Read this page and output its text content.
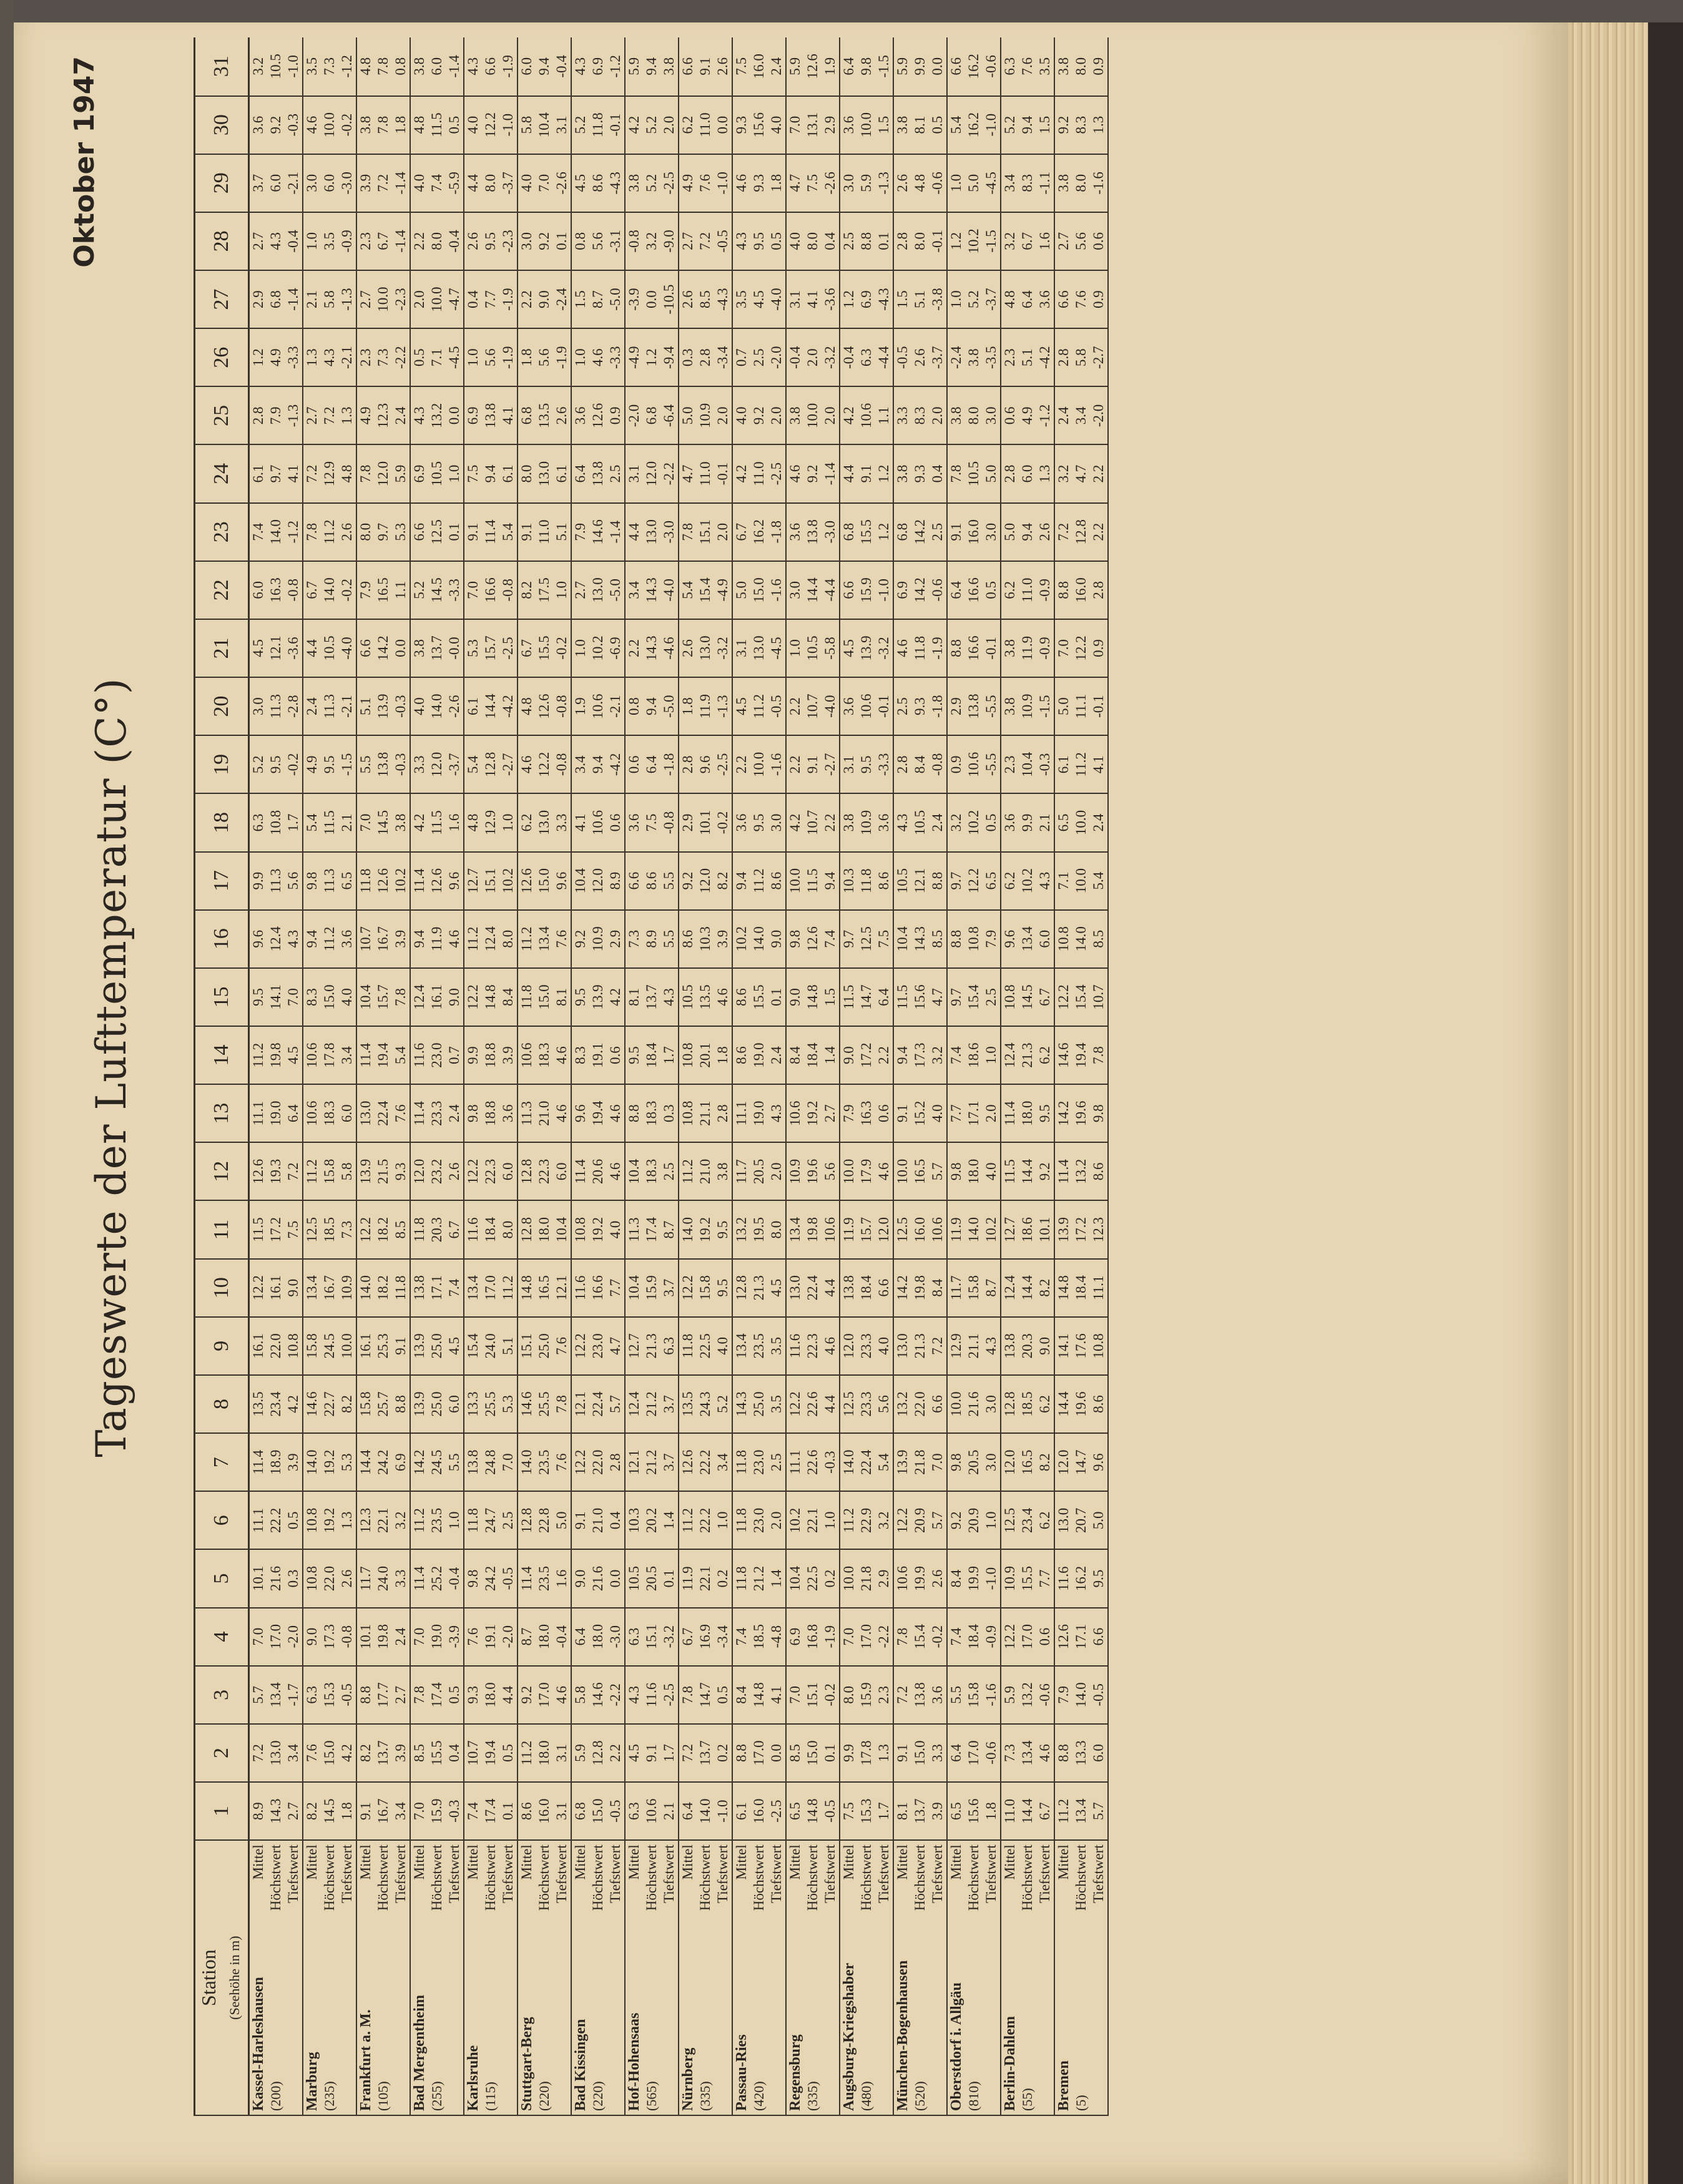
Tageswerte der Lufttemperatur (C°)
Oktober 1947
Station (Seehöhe in m)		1	2	3	4	5	6	7	8	9	10	11	12	13	14	15	16	17	18	19	20	21	22	23	24	25	26	27	28	29	30	31
Kassel-Harleshausen	Mittel	8.9	7.2	5.7	7.0	10.1	11.1	11.4	13.5	16.1	12.2	11.5	12.6	11.1	11.2	9.5	9.6	9.9	6.3	5.2	3.0	4.5	6.0	7.4	6.1	2.8	1.2	2.9	2.7	3.7	3.6	3.2
(200)	Höchstwert	14.3	13.0	13.4	17.0	21.6	22.2	18.9	23.4	22.0	16.1	17.2	19.3	19.0	19.8	14.1	12.4	11.3	10.8	9.5	11.3	12.1	16.3	14.0	9.7	7.9	4.9	6.8	4.3	6.0	9.2	10.5
	Tiefstwert	2.7	3.4	-1.7	-2.0	0.3	0.5	3.9	4.2	10.8	9.0	7.5	7.2	6.4	4.5	7.0	4.3	5.6	1.7	-0.2	-2.8	-3.6	-0.8	-1.2	4.1	-1.3	-3.3	-1.4	-0.4	-2.1	-0.3	-1.0
Marburg	Mittel	8.2	7.6	6.3	9.0	10.8	10.8	14.0	14.6	15.8	13.4	12.5	11.2	10.6	10.6	8.3	9.4	9.8	5.4	4.9	2.4	4.4	6.7	7.8	7.2	2.7	1.3	2.1	1.0	3.0	4.6	3.5
(235)	Höchstwert	14.5	15.0	15.3	17.3	22.0	19.2	19.2	22.7	24.5	16.7	18.5	15.8	18.3	17.8	15.0	11.2	11.3	11.5	9.5	11.3	10.5	14.0	11.2	12.9	7.2	4.3	5.8	3.5	6.0	10.0	7.3
	Tiefstwert	1.8	4.2	-0.5	-0.8	2.6	1.3	5.3	8.2	10.0	10.9	7.3	5.8	6.0	3.4	4.0	3.6	6.5	2.1	-1.5	-2.1	-4.0	-0.2	2.6	4.8	1.3	-2.1	-1.3	-0.9	-3.0	-0.2	-1.2
Frankfurt a. M.	Mittel	9.1	8.2	8.8	10.1	11.7	12.3	14.4	15.8	16.1	14.0	12.2	13.9	13.0	11.4	10.4	10.7	11.8	7.0	5.5	5.1	6.6	7.9	8.0	7.8	4.9	2.3	2.7	2.3	3.9	3.8	4.8
(105)	Höchstwert	16.7	13.7	17.7	19.8	24.0	22.1	24.2	25.7	25.3	18.2	18.2	21.5	22.4	19.4	15.7	16.7	12.6	14.5	13.8	13.9	14.2	16.5	9.7	12.0	12.3	7.3	10.0	6.7	7.2	7.8	7.8
	Tiefstwert	3.4	3.9	2.7	2.4	3.3	3.2	6.9	8.8	9.1	11.8	8.5	9.3	7.6	5.4	7.8	3.9	10.2	3.8	-0.3	-0.3	0.0	1.1	5.3	5.9	2.4	-2.2	-2.3	-1.4	-1.4	1.8	0.8
Bad Mergentheim	Mittel	7.0	8.5	7.8	7.0	11.4	11.2	14.2	13.9	13.9	13.8	11.8	12.0	11.4	11.6	12.4	9.4	11.4	4.2	3.3	4.0	3.8	5.2	6.6	6.9	4.3	0.5	2.0	2.2	4.0	4.8	3.8
(255)	Höchstwert	15.9	15.5	17.4	19.0	25.2	23.5	24.5	25.0	25.0	17.1	20.3	23.2	23.3	23.0	16.1	11.9	12.6	11.5	12.0	14.0	13.7	14.5	12.5	10.5	13.2	7.1	10.0	8.0	7.4	11.5	6.0
	Tiefstwert	-0.3	0.4	0.5	-3.9	-0.4	1.0	5.5	6.0	4.5	7.4	6.7	2.6	2.4	0.7	9.0	4.6	9.6	1.6	-3.7	-2.6	-0.0	-3.3	0.1	1.0	0.0	-4.5	-4.7	-0.4	-5.9	0.5	-1.4
Karlsruhe	Mittel	7.4	10.7	9.3	7.6	9.8	11.8	13.8	13.3	15.4	13.4	11.6	12.2	9.8	9.9	12.2	11.2	12.7	4.8	5.4	6.1	5.3	7.0	9.1	7.5	6.9	1.0	0.4	2.6	4.4	4.0	4.3
(115)	Höchstwert	17.4	19.4	18.0	19.1	24.2	24.7	24.8	25.5	24.0	17.0	18.4	22.3	18.8	18.8	14.8	12.4	15.1	12.9	12.8	14.4	15.7	16.6	11.4	9.4	13.8	5.6	7.7	9.5	8.0	12.2	6.6
	Tiefstwert	0.1	0.5	4.4	-2.0	-0.5	2.5	7.0	5.3	5.1	11.2	8.0	6.0	3.6	3.9	8.4	8.0	10.2	1.0	-2.7	-4.2	-2.5	-0.8	5.4	6.1	4.1	-1.9	-1.9	-2.3	-3.7	-1.0	-1.9
Stuttgart-Berg	Mittel	8.6	11.2	9.2	8.7	11.4	12.8	14.0	14.6	15.1	14.8	12.8	12.8	11.3	10.6	11.8	11.2	12.6	6.2	4.6	4.8	6.7	8.2	9.1	8.0	6.8	1.8	2.2	3.0	4.0	5.8	6.0
(220)	Höchstwert	16.0	18.0	17.0	18.0	23.5	22.8	23.5	25.5	25.0	16.5	18.0	22.3	21.0	18.3	15.0	13.4	15.0	13.0	12.2	12.6	15.5	17.5	11.0	13.0	13.5	5.6	9.0	9.2	7.0	10.4	9.4
	Tiefstwert	3.1	3.1	4.6	-0.4	1.6	5.0	7.6	7.8	7.6	12.1	10.4	6.0	4.6	4.6	8.1	7.6	9.6	3.3	-0.8	-0.8	-0.2	1.0	5.1	6.1	2.6	-1.9	-2.4	0.1	-2.6	3.1	-0.4
Bad Kissingen	Mittel	6.8	5.9	5.8	6.4	9.0	9.1	12.2	12.1	12.2	11.6	10.8	11.4	9.6	8.3	9.5	9.2	10.4	4.1	3.4	1.9	1.0	2.7	7.9	6.4	3.6	1.0	1.5	0.8	4.5	5.2	4.3
(220)	Höchstwert	15.0	12.8	14.6	18.0	21.6	21.0	22.0	22.4	23.0	16.6	19.2	20.6	19.4	19.1	13.9	10.9	12.0	10.6	9.4	10.6	10.2	13.0	14.6	13.8	12.6	4.6	8.7	5.6	8.6	11.8	6.9
	Tiefstwert	-0.5	2.2	-2.2	-3.0	0.0	0.4	2.8	5.7	4.7	7.7	4.0	4.6	4.6	0.6	4.2	2.9	8.9	0.6	-4.2	-2.1	-6.9	-5.0	-1.4	2.5	0.9	-3.3	-5.0	-3.1	-4.3	-0.1	-1.2
Hof-Hohensaas	Mittel	6.3	4.5	4.3	6.3	10.5	10.3	12.1	12.4	12.7	10.4	11.3	10.4	8.8	9.5	8.1	7.3	6.6	3.6	0.6	0.8	2.2	3.4	4.4	3.1	-2.0	-4.9	-3.9	-0.8	3.8	4.2	5.9
(565)	Höchstwert	10.6	9.1	11.6	15.1	20.5	20.2	21.2	21.2	21.3	15.9	17.4	18.3	18.3	18.4	13.7	8.9	8.6	7.5	6.4	9.4	14.3	14.3	13.0	12.0	6.8	1.2	0.0	3.2	5.2	5.2	9.4
	Tiefstwert	2.1	1.7	-2.5	-3.2	0.1	1.4	3.7	3.7	6.3	3.7	8.7	2.5	0.3	1.7	4.3	5.5	5.5	-0.8	-1.8	-5.0	-4.6	-4.0	-3.0	-2.2	-6.4	-9.4	-10.5	-9.0	-2.5	2.0	3.8
Nürnberg	Mittel	6.4	7.2	7.8	6.7	11.9	11.2	12.6	13.5	11.8	12.2	14.0	11.2	10.8	10.8	10.5	8.6	9.2	2.9	2.8	1.8	2.6	5.4	7.8	4.7	5.0	0.3	2.6	2.7	4.9	6.2	6.6
(335)	Höchstwert	14.0	13.7	14.7	16.9	22.1	22.2	22.2	24.3	22.5	15.8	19.2	21.0	21.1	20.1	13.5	10.3	12.0	10.1	9.6	11.9	13.0	15.4	15.1	11.0	10.9	2.8	8.5	7.2	7.6	11.0	9.1
	Tiefstwert	-1.0	0.2	0.5	-3.4	0.2	1.0	3.4	5.2	4.0	9.5	9.5	3.8	2.8	1.8	4.6	3.9	8.2	-0.2	-2.5	-1.3	-3.2	-4.9	2.0	-0.1	2.0	-3.4	-4.3	-0.5	-1.0	0.0	2.6
Passau-Ries	Mittel	6.1	8.8	8.4	7.4	11.8	11.8	11.8	14.3	13.4	12.8	13.2	11.7	11.1	8.6	8.6	10.2	9.4	3.6	2.2	4.5	3.1	5.0	6.7	4.2	4.0	0.7	3.5	4.3	4.6	9.3	7.5
(420)	Höchstwert	16.0	17.0	14.8	18.5	21.2	23.0	23.0	25.0	23.5	21.3	19.5	20.5	19.0	19.0	15.5	14.0	11.2	9.5	10.0	11.2	13.0	15.0	16.2	11.0	9.2	2.5	4.5	9.5	9.3	15.6	16.0
	Tiefstwert	-2.5	0.0	4.1	-4.8	1.4	2.0	2.5	3.5	3.5	4.5	8.0	2.0	4.3	2.4	0.1	9.0	8.6	3.0	-1.6	-0.5	-4.5	-1.6	-1.8	-2.5	2.0	-2.0	-4.0	0.5	1.8	4.0	2.4
Regensburg	Mittel	6.5	8.5	7.0	6.9	10.4	10.2	11.1	12.2	11.6	13.0	13.4	10.9	10.6	8.4	9.0	9.8	10.0	4.2	2.2	2.2	1.0	3.0	3.6	4.6	3.8	-0.4	3.1	4.0	4.7	7.0	5.9
(335)	Höchstwert	14.8	15.0	15.1	16.8	22.5	22.1	22.6	22.6	22.3	22.4	19.8	19.6	19.2	18.4	14.8	12.6	11.5	10.7	9.1	10.7	10.5	14.4	13.8	9.2	10.0	2.0	4.1	8.0	7.5	13.1	12.6
	Tiefstwert	-0.5	0.1	-0.2	-1.9	0.2	1.0	-0.3	4.4	4.6	4.4	10.6	5.6	2.7	1.4	1.5	7.4	9.4	2.2	-2.7	-4.0	-5.8	-4.4	-3.0	-1.4	2.0	-3.2	-3.6	0.4	-2.6	2.9	1.9
Augsburg-Kriegshaber	Mittel	7.5	9.9	8.0	7.0	10.0	11.2	14.0	12.5	12.0	13.8	11.9	10.0	7.9	9.0	11.5	9.7	10.3	3.8	3.1	3.6	4.5	6.6	6.8	4.4	4.2	-0.4	1.2	2.5	3.0	3.6	6.4
(480)	Höchstwert	15.3	17.8	15.9	17.0	21.8	22.9	22.4	23.3	23.3	18.4	15.7	17.9	16.3	17.2	14.7	12.5	11.8	10.9	9.5	10.6	13.9	15.9	15.5	9.1	10.6	6.3	6.9	8.8	5.9	10.0	9.8
	Tiefstwert	1.7	1.3	2.3	-2.2	2.9	3.2	5.4	5.6	4.0	6.6	12.0	4.6	0.6	2.2	6.4	7.5	8.6	3.6	-3.3	-0.1	-3.2	-1.0	1.2	1.2	1.1	-4.4	-4.3	0.1	-1.3	1.5	-1.5
München-Bogenhausen	Mittel	8.1	9.1	7.2	7.8	10.6	12.2	13.9	13.2	13.0	14.2	12.5	10.0	9.1	9.4	11.5	10.4	10.5	4.3	2.8	2.5	4.6	6.9	6.8	3.8	3.3	-0.5	1.5	2.8	2.6	3.8	5.9
(520)	Höchstwert	13.7	15.0	13.8	15.4	19.9	20.9	21.8	22.0	21.3	19.8	16.0	16.5	15.2	17.3	15.6	14.3	12.1	10.5	8.4	9.3	11.8	14.2	14.2	9.3	8.3	2.6	5.1	8.0	4.8	8.1	9.9
	Tiefstwert	3.9	3.3	3.6	-0.2	2.6	5.7	7.0	6.6	7.2	8.4	10.6	5.7	4.0	3.2	4.7	8.5	8.8	2.4	-0.8	-1.8	-1.9	-0.6	2.5	0.4	2.0	-3.7	-3.8	-0.1	-0.6	0.5	0.0
Oberstdorf i. Allgäu	Mittel	6.5	6.4	5.5	7.4	8.4	9.2	9.8	10.0	12.9	11.7	11.9	9.8	7.7	7.4	9.7	8.8	9.7	3.2	0.9	2.9	8.8	6.4	9.1	7.8	3.8	-2.4	1.0	1.2	1.0	5.4	6.6
(810)	Höchstwert	15.6	17.0	15.8	18.4	19.9	20.9	20.5	21.6	21.1	15.8	14.0	18.0	17.1	18.6	15.4	10.8	12.2	10.2	10.6	13.8	16.6	16.6	16.0	10.5	8.0	3.8	5.2	10.2	5.0	16.2	16.2
	Tiefstwert	1.8	-0.6	-1.6	-0.9	-1.0	1.0	3.0	3.0	4.3	8.7	10.2	4.0	2.0	1.0	2.5	7.9	6.5	0.5	-5.5	-5.5	-0.1	0.5	3.0	5.0	3.0	-3.5	-3.7	-1.5	-4.5	-1.0	-0.6
Berlin-Dahlem	Mittel	11.0	7.3	5.9	12.2	10.9	12.5	12.0	12.8	13.8	12.4	12.7	11.5	11.4	12.4	10.8	9.6	6.2	3.6	2.3	3.8	3.8	6.2	5.0	2.8	0.6	2.3	4.8	3.2	3.4	5.2	6.3
(55)	Höchstwert	14.4	13.4	13.2	17.0	15.5	23.4	16.5	18.5	20.3	14.4	18.6	14.4	18.0	21.3	14.5	13.4	10.2	9.9	10.4	10.9	11.9	11.0	9.4	6.0	4.9	5.1	6.4	6.7	8.3	9.4	7.6
	Tiefstwert	6.7	4.6	-0.6	0.6	7.7	6.2	8.2	6.2	9.0	8.2	10.1	9.2	9.5	6.2	6.7	6.0	4.3	2.1	-0.3	-1.5	-0.9	-0.9	2.6	1.3	-1.2	-4.2	3.6	1.6	-1.1	1.5	3.5
Bremen	Mittel	11.2	8.8	7.9	12.6	11.6	13.0	12.0	14.4	14.1	14.8	13.9	11.4	14.2	14.6	12.2	10.8	7.1	6.5	6.1	5.0	7.0	8.8	7.2	3.2	2.4	2.8	6.6	2.7	3.8	9.2	3.8
(5)	Höchstwert	13.4	13.3	14.0	17.1	16.2	20.7	14.7	19.6	17.6	18.4	17.2	13.2	19.6	19.4	15.4	14.0	10.0	10.0	11.2	11.1	12.2	16.0	12.8	4.7	3.4	5.8	7.6	5.6	8.0	8.3	8.0
	Tiefstwert	5.7	6.0	-0.5	6.6	9.5	5.0	9.6	8.6	10.8	11.1	12.3	8.6	9.8	7.8	10.7	8.5	5.4	2.4	4.1	-0.1	0.9	2.8	2.2	2.2	-2.0	-2.7	0.9	0.6	-1.6	1.3	0.9
